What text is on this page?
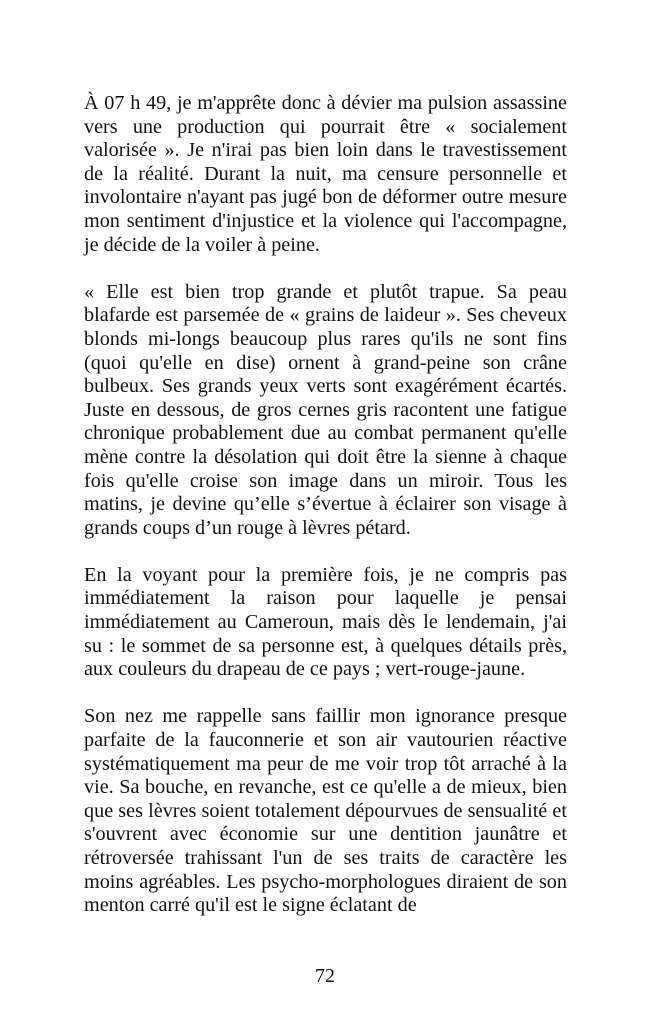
À 07 h 49, je m'apprête donc à dévier ma pulsion assassine vers une production qui pourrait être « socialement valorisée ». Je n'irai pas bien loin dans le travestissement de la réalité. Durant la nuit, ma censure personnelle et involontaire n'ayant pas jugé bon de déformer outre mesure mon sentiment d'injustice et la violence qui l'accompagne, je décide de la voiler à peine.

« Elle est bien trop grande et plutôt trapue. Sa peau blafarde est parsemée de « grains de laideur ». Ses cheveux blonds mi-longs beaucoup plus rares qu'ils ne sont fins (quoi qu'elle en dise) ornent à grand-peine son crâne bulbeux. Ses grands yeux verts sont exagérément écartés. Juste en dessous, de gros cernes gris racontent une fatigue chronique probablement due au combat permanent qu'elle mène contre la désolation qui doit être la sienne à chaque fois qu'elle croise son image dans un miroir. Tous les matins, je devine qu’elle s’évertue à éclairer son visage à grands coups d’un rouge à lèvres pétard.

En la voyant pour la première fois, je ne compris pas immédiatement la raison pour laquelle je pensai immédiatement au Cameroun, mais dès le lendemain, j'ai su : le sommet de sa personne est, à quelques détails près, aux couleurs du drapeau de ce pays ; vert-rouge-jaune.

Son nez me rappelle sans faillir mon ignorance presque parfaite de la fauconnerie et son air vautourien réactive systématiquement ma peur de me voir trop tôt arraché à la vie. Sa bouche, en revanche, est ce qu'elle a de mieux, bien que ses lèvres soient totalement dépourvues de sensualité et s'ouvrent avec économie sur une dentition jaunâtre et rétroversée trahissant l'un de ses traits de caractère les moins agréables. Les psycho-morphologues diraient de son menton carré qu'il est le signe éclatant de

72
